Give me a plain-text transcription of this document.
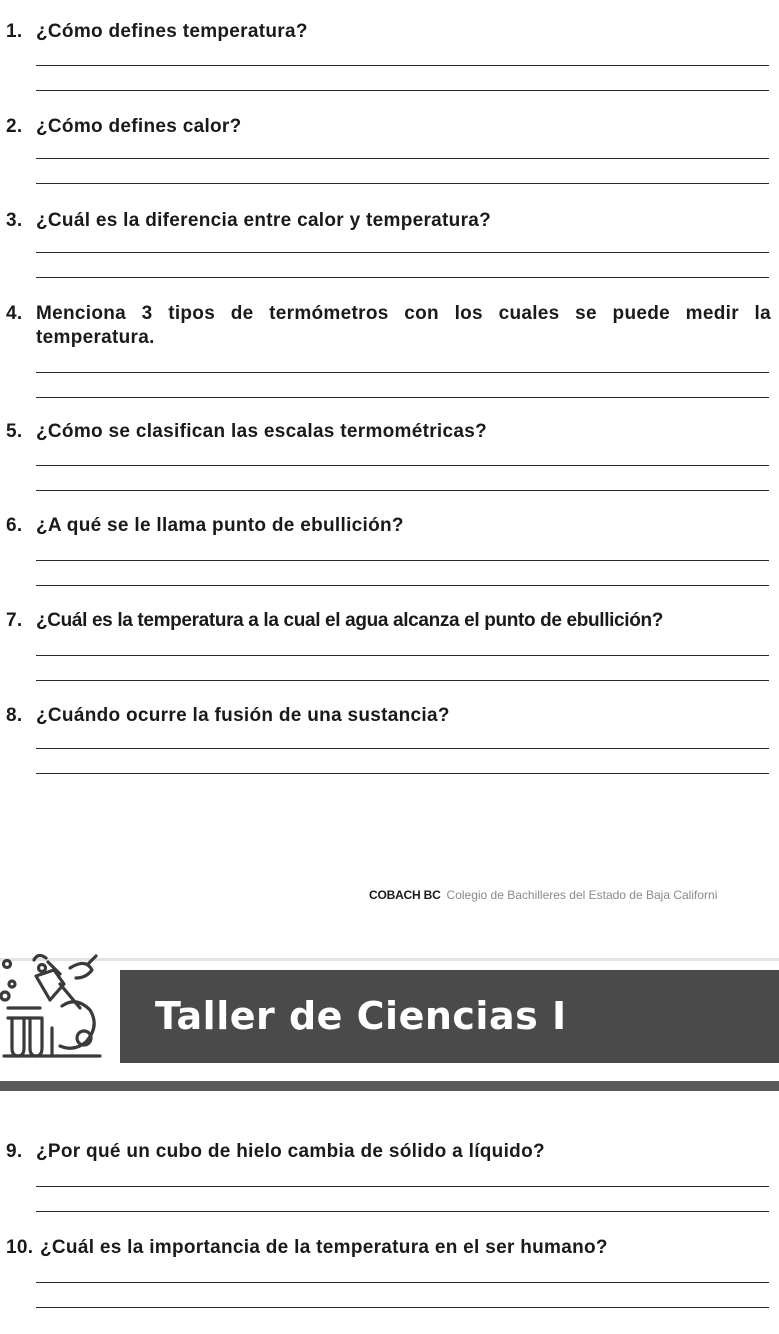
1. ¿Cómo defines temperatura?
2. ¿Cómo defines calor?
3. ¿Cuál es la diferencia entre calor y temperatura?
4. Menciona 3 tipos de termómetros con los cuales se puede medir la temperatura.
5. ¿Cómo se clasifican las escalas termométricas?
6. ¿A qué se le llama punto de ebullición?
7. ¿Cuál es la temperatura a la cual el agua alcanza el punto de ebullición?
8. ¿Cuándo ocurre la fusión de una sustancia?
COBACH BC Colegio de Bachilleres del Estado de Baja Californi
Taller de Ciencias I
9. ¿Por qué un cubo de hielo cambia de sólido a líquido?
10. ¿Cuál es la importancia de la temperatura en el ser humano?
